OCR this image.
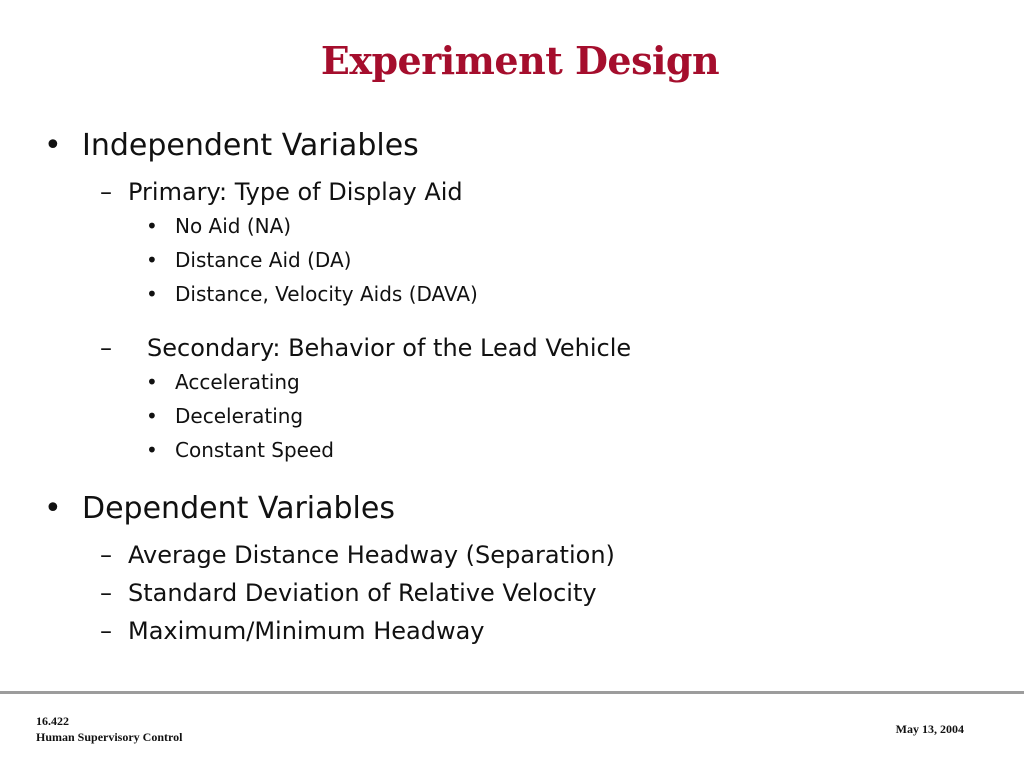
Experiment Design
• Independent Variables
– Primary: Type of Display Aid
• No Aid (NA)
• Distance Aid (DA)
• Distance, Velocity Aids (DAVA)
– Secondary: Behavior of the Lead Vehicle
• Accelerating
• Decelerating
• Constant Speed
• Dependent Variables
– Average Distance Headway (Separation)
– Standard Deviation of Relative Velocity
– Maximum/Minimum Headway
16.422
Human Supervisory Control
May 13, 2004
